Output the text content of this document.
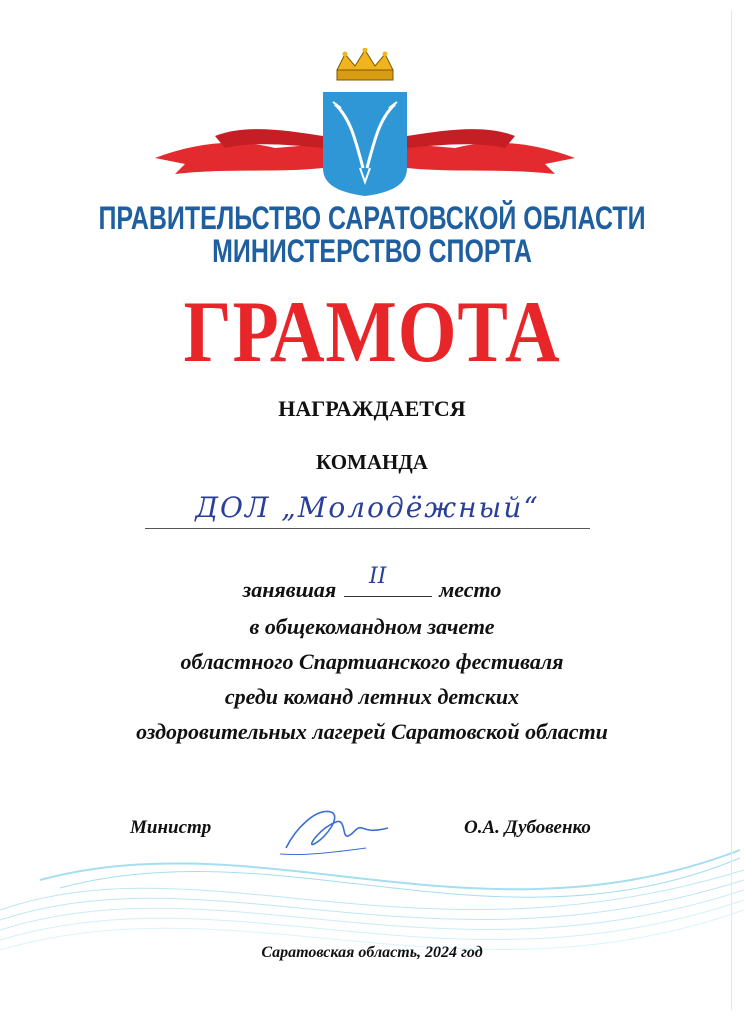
ПРАВИТЕЛЬСТВО САРАТОВСКОЙ ОБЛАСТИ
МИНИСТЕРСТВО СПОРТА
ГРАМОТА
НАГРАЖДАЕТСЯ
КОМАНДА
ДОЛ „Молодёжный“
занявшая
II
место
в общекомандном зачете
областного Спартианского фестиваля
среди команд летних детских
оздоровительных лагерей Саратовской области
Министр	О.А. Дубовенко
Саратовская область, 2024 год
